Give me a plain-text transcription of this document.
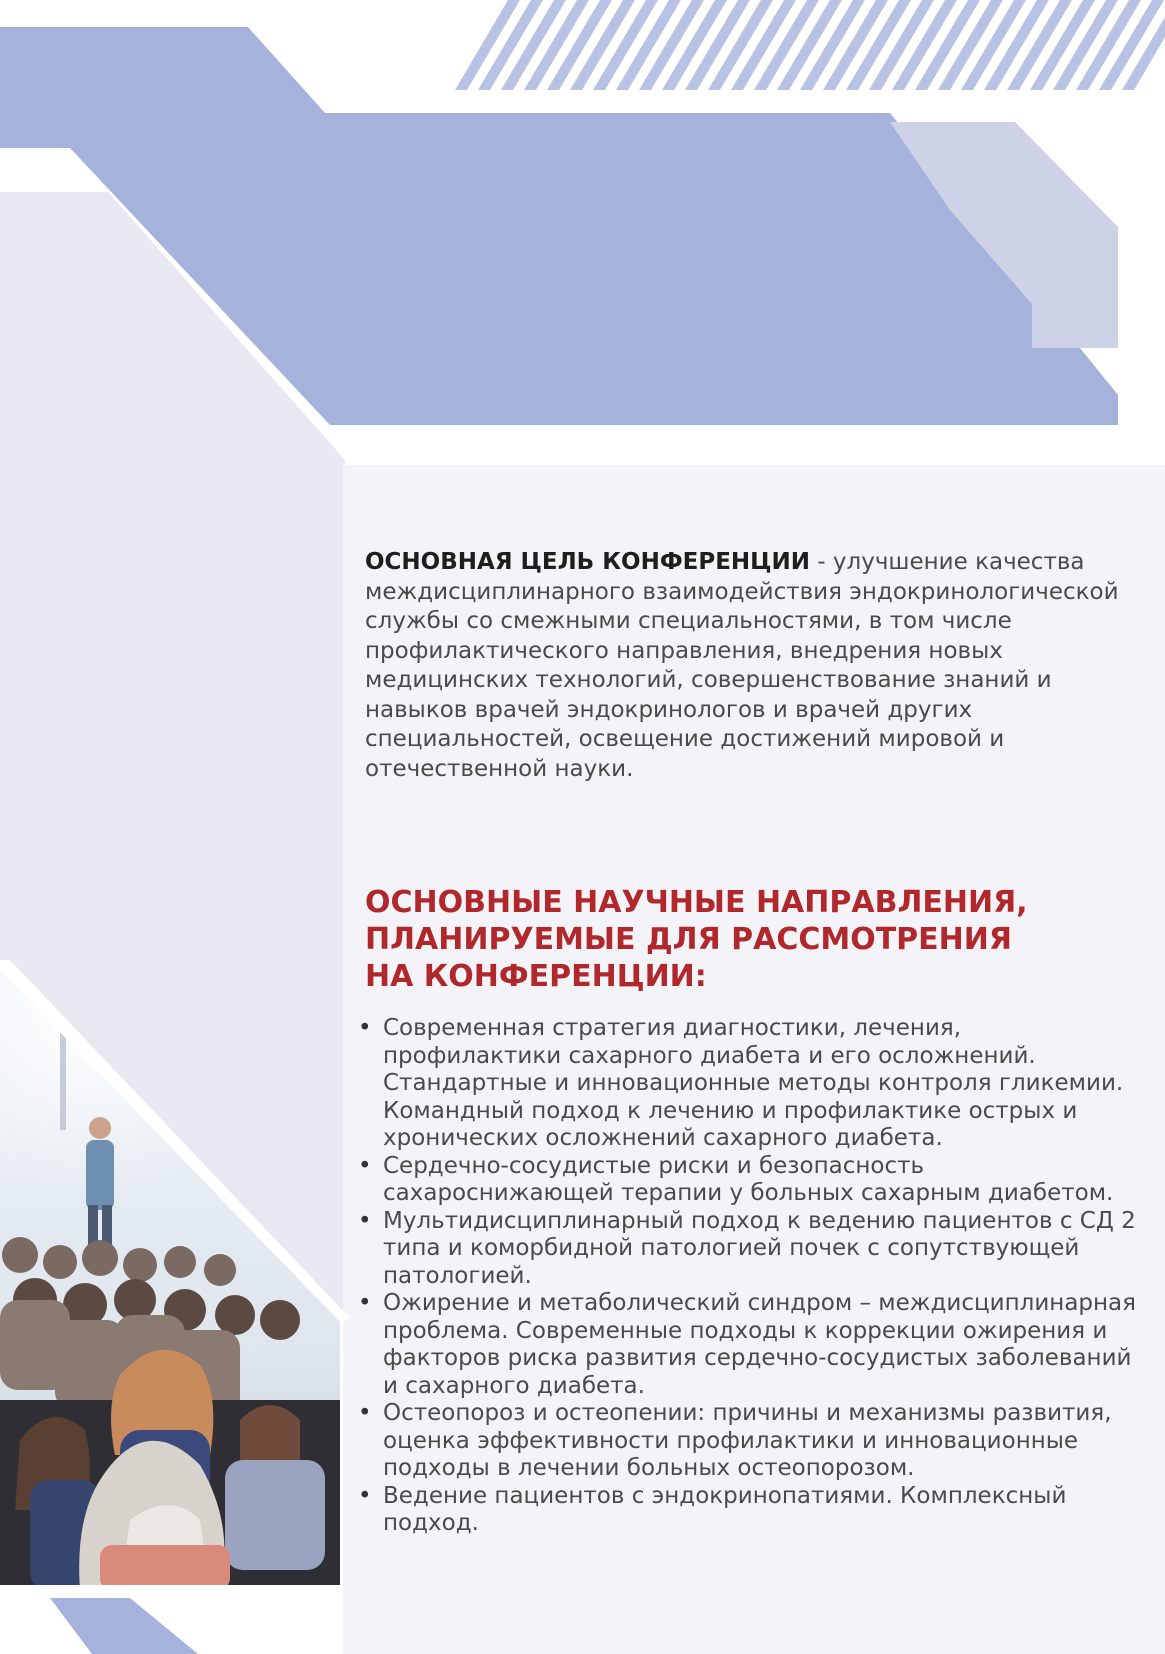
ОСНОВНАЯ ЦЕЛЬ КОНФЕРЕНЦИИ - улучшение качества междисциплинарного взаимодействия эндокринологической службы со смежными специальностями, в том числе профилактического направления, внедрения новых медицинских технологий, совершенствование знаний и навыков врачей эндокринологов и врачей других специальностей, освещение достижений мировой и отечественной науки.

ОСНОВНЫЕ НАУЧНЫЕ НАПРАВЛЕНИЯ,
ПЛАНИРУЕМЫЕ ДЛЯ РАССМОТРЕНИЯ
НА КОНФЕРЕНЦИИ:
• Современная стратегия диагностики, лечения, профилактики сахарного диабета и его осложнений. Стандартные и инновационные методы контроля гликемии. Командный подход к лечению и профилактике острых и хронических осложнений сахарного диабета.
• Сердечно-сосудистые риски и безопасность сахароснижающей терапии у больных сахарным диабетом.
• Мультидисциплинарный подход к ведению пациентов с СД 2 типа и коморбидной патологией почек с сопутствующей патологией.
• Ожирение и метаболический синдром – междисциплинарная проблема. Современные подходы к коррекции ожирения и факторов риска развития сердечно-сосудистых заболеваний и сахарного диабета.
• Остеопороз и остеопении: причины и механизмы развития, оценка эффективности профилактики и инновационные подходы в лечении больных остеопорозом.
• Ведение пациентов с эндокринопатиями. Комплексный подход.
